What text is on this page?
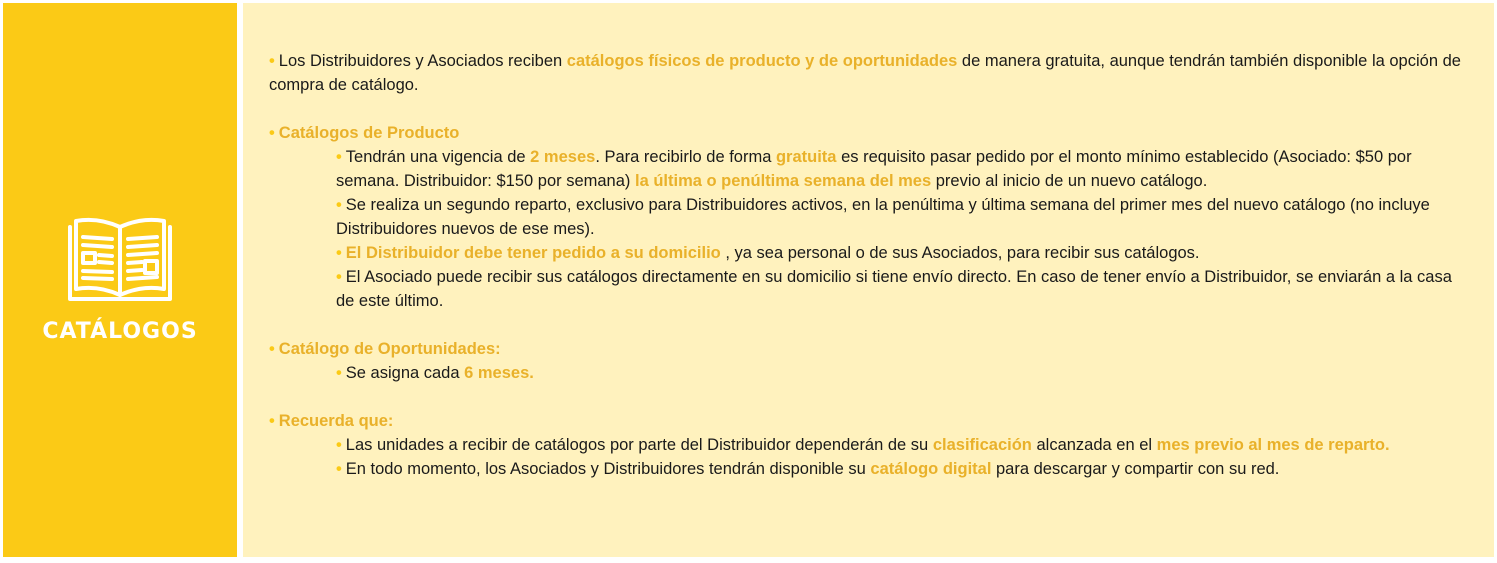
CATÁLOGOS

• Los Distribuidores y Asociados reciben catálogos físicos de producto y de oportunidades de manera gratuita, aunque tendrán también disponible la opción de compra de catálogo.

• Catálogos de Producto

• Tendrán una vigencia de 2 meses. Para recibirlo de forma gratuita es requisito pasar pedido por el monto mínimo establecido (Asociado: $50 por semana. Distribuidor: $150 por semana) la última o penúltima semana del mes previo al inicio de un nuevo catálogo.

• Se realiza un segundo reparto, exclusivo para Distribuidores activos, en la penúltima y última semana del primer mes del nuevo catálogo (no incluye Distribuidores nuevos de ese mes).

• El Distribuidor debe tener pedido a su domicilio , ya sea personal o de sus Asociados, para recibir sus catálogos.

• El Asociado puede recibir sus catálogos directamente en su domicilio si tiene envío directo. En caso de tener envío a Distribuidor, se enviarán a la casa de este último.

• Catálogo de Oportunidades:

• Se asigna cada 6 meses.

• Recuerda que:

• Las unidades a recibir de catálogos por parte del Distribuidor dependerán de su clasificación alcanzada en el mes previo al mes de reparto.

• En todo momento, los Asociados y Distribuidores tendrán disponible su catálogo digital para descargar y compartir con su red.
